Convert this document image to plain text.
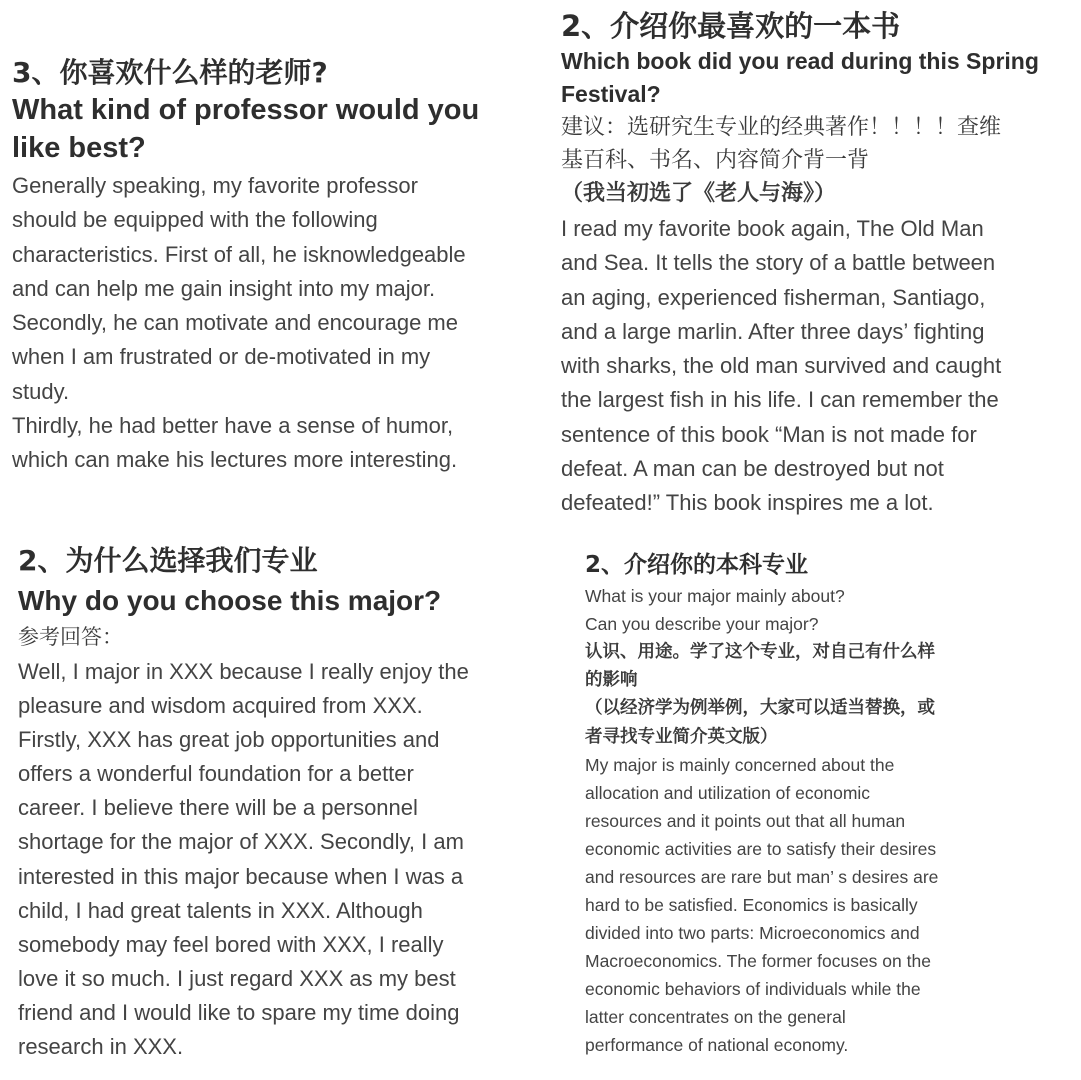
3、你喜欢什么样的老师?
What kind of professor would you
like best?
Generally speaking, my favorite professor
should be equipped with the following
characteristics. First of all, he isknowledgeable
and can help me gain insight into my major.
Secondly, he can motivate and encourage me
when I am frustrated or de-motivated in my
study.
Thirdly, he had better have a sense of humor,
which can make his lectures more interesting.
2、介绍你最喜欢的一本书
Which book did you read during this Spring
Festival?
建议：选研究生专业的经典著作！！！！查维
基百科、书名、内容简介背一背
（我当初选了《老人与海》）
I read my favorite book again, The Old Man
and Sea. It tells the story of a battle between
an aging, experienced fisherman, Santiago,
and a large marlin. After three days’ fighting
with sharks, the old man survived and caught
the largest fish in his life. I can remember the
sentence of this book “Man is not made for
defeat. A man can be destroyed but not
defeated!” This book inspires me a lot.
2、为什么选择我们专业
Why do you choose this major?
参考回答：
Well, I major in XXX because I really enjoy the
pleasure and wisdom acquired from XXX.
Firstly, XXX has great job opportunities and
offers a wonderful foundation for a better
career. I believe there will be a personnel
shortage for the major of XXX. Secondly, I am
interested in this major because when I was a
child, I had great talents in XXX. Although
somebody may feel bored with XXX, I really
love it so much. I just regard XXX as my best
friend and I would like to spare my time doing
research in XXX.
2、介绍你的本科专业
What is your major mainly about?
Can you describe your major?
认识、用途。学了这个专业，对自己有什么样
的影响
（以经济学为例举例，大家可以适当替换，或
者寻找专业简介英文版）
My major is mainly concerned about the
allocation and utilization of economic
resources and it points out that all human
economic activities are to satisfy their desires
and resources are rare but man’ s desires are
hard to be satisfied. Economics is basically
divided into two parts: Microeconomics and
Macroeconomics. The former focuses on the
economic behaviors of individuals while the
latter concentrates on the general
performance of national economy.
